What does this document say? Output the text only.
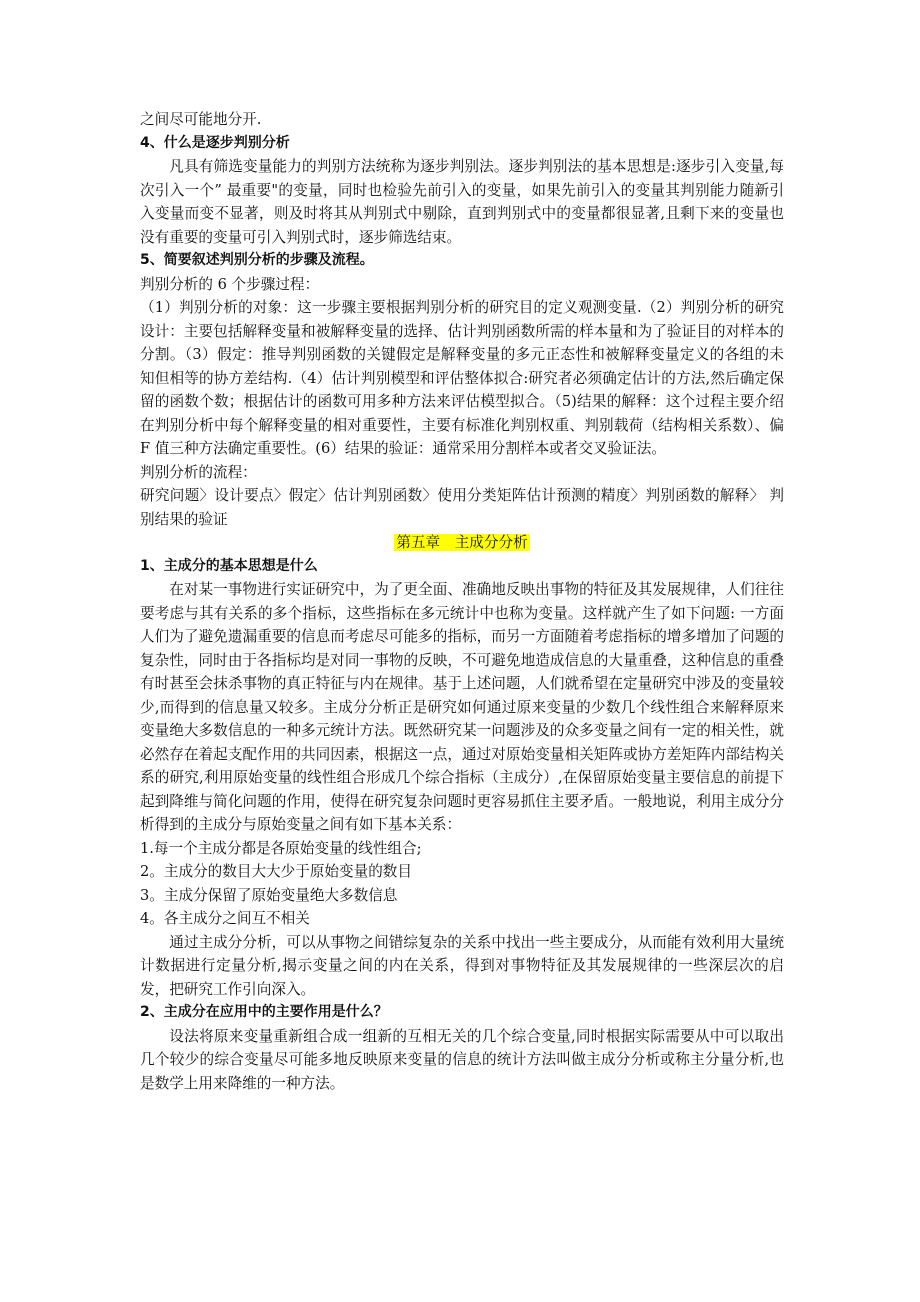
之间尽可能地分开.

4、什么是逐步判别分析

凡具有筛选变量能力的判别方法统称为逐步判别法。逐步判别法的基本思想是:逐步引入变量,每次引入一个” 最重要"的变量，同时也检验先前引入的变量，如果先前引入的变量其判别能力随新引入变量而变不显著，则及时将其从判别式中剔除，直到判别式中的变量都很显著,且剩下来的变量也没有重要的变量可引入判别式时，逐步筛选结束。

5、简要叙述判别分析的步骤及流程。

判别分析的 6 个步骤过程：

（1）判别分析的对象：这一步骤主要根据判别分析的研究目的定义观测变量.（2）判别分析的研究设计：主要包括解释变量和被解释变量的选择、估计判别函数所需的样本量和为了验证目的对样本的分割。（3）假定：推导判别函数的关键假定是解释变量的多元正态性和被解释变量定义的各组的未知但相等的协方差结构.（4）估计判别模型和评估整体拟合:研究者必须确定估计的方法,然后确定保留的函数个数；根据估计的函数可用多种方法来评估模型拟合。（5)结果的解释：这个过程主要介绍在判别分析中每个解释变量的相对重要性，主要有标准化判别权重、判别载荷（结构相关系数）、偏 F 值三种方法确定重要性。(6）结果的验证：通常采用分割样本或者交叉验证法。

判别分析的流程：

研究问题〉设计要点〉假定〉估计判别函数〉使用分类矩阵估计预测的精度〉判别函数的解释〉 判别结果的验证

第五章　主成分分析

1、主成分的基本思想是什么

在对某一事物进行实证研究中，为了更全面、准确地反映出事物的特征及其发展规律，人们往往要考虑与其有关系的多个指标，这些指标在多元统计中也称为变量。这样就产生了如下问题: 一方面人们为了避免遗漏重要的信息而考虑尽可能多的指标，而另一方面随着考虑指标的增多增加了问题的复杂性，同时由于各指标均是对同一事物的反映，不可避免地造成信息的大量重叠，这种信息的重叠有时甚至会抹杀事物的真正特征与内在规律。基于上述问题，人们就希望在定量研究中涉及的变量较少,而得到的信息量又较多。主成分分析正是研究如何通过原来变量的少数几个线性组合来解释原来变量绝大多数信息的一种多元统计方法。既然研究某一问题涉及的众多变量之间有一定的相关性，就必然存在着起支配作用的共同因素，根据这一点，通过对原始变量相关矩阵或协方差矩阵内部结构关系的研究,利用原始变量的线性组合形成几个综合指标（主成分）,在保留原始变量主要信息的前提下起到降维与简化问题的作用，使得在研究复杂问题时更容易抓住主要矛盾。一般地说，利用主成分分析得到的主成分与原始变量之间有如下基本关系：

1.每一个主成分都是各原始变量的线性组合;

2。主成分的数目大大少于原始变量的数目

3。主成分保留了原始变量绝大多数信息

4。各主成分之间互不相关

通过主成分分析，可以从事物之间错综复杂的关系中找出一些主要成分，从而能有效利用大量统计数据进行定量分析,揭示变量之间的内在关系，得到对事物特征及其发展规律的一些深层次的启发，把研究工作引向深入。

2、主成分在应用中的主要作用是什么？

设法将原来变量重新组合成一组新的互相无关的几个综合变量,同时根据实际需要从中可以取出几个较少的综合变量尽可能多地反映原来变量的信息的统计方法叫做主成分分析或称主分量分析,也是数学上用来降维的一种方法。
